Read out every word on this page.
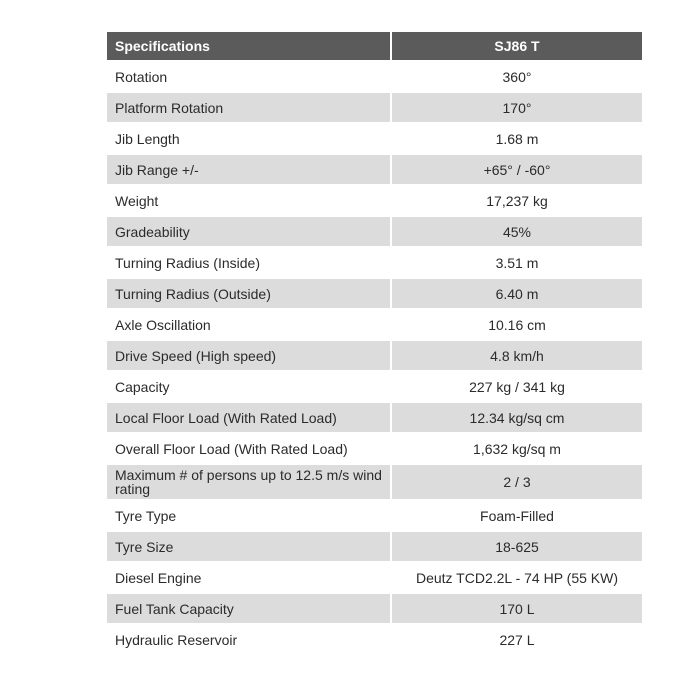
Specifications	SJ86 T
Rotation	360°
Platform Rotation	170°
Jib Length	1.68 m
Jib Range +/-	+65° / -60°
Weight	17,237 kg
Gradeability	45%
Turning Radius (Inside)	3.51 m
Turning Radius (Outside)	6.40 m
Axle Oscillation	10.16 cm
Drive Speed (High speed)	4.8 km/h
Capacity	227 kg / 341 kg
Local Floor Load (With Rated Load)	12.34 kg/sq cm
Overall Floor Load (With Rated Load)	1,632 kg/sq m
Maximum # of persons up to 12.5 m/s wind rating	2 / 3
Tyre Type	Foam-Filled
Tyre Size	18-625
Diesel Engine	Deutz TCD2.2L - 74 HP (55 KW)
Fuel Tank Capacity	170 L
Hydraulic Reservoir	227 L
